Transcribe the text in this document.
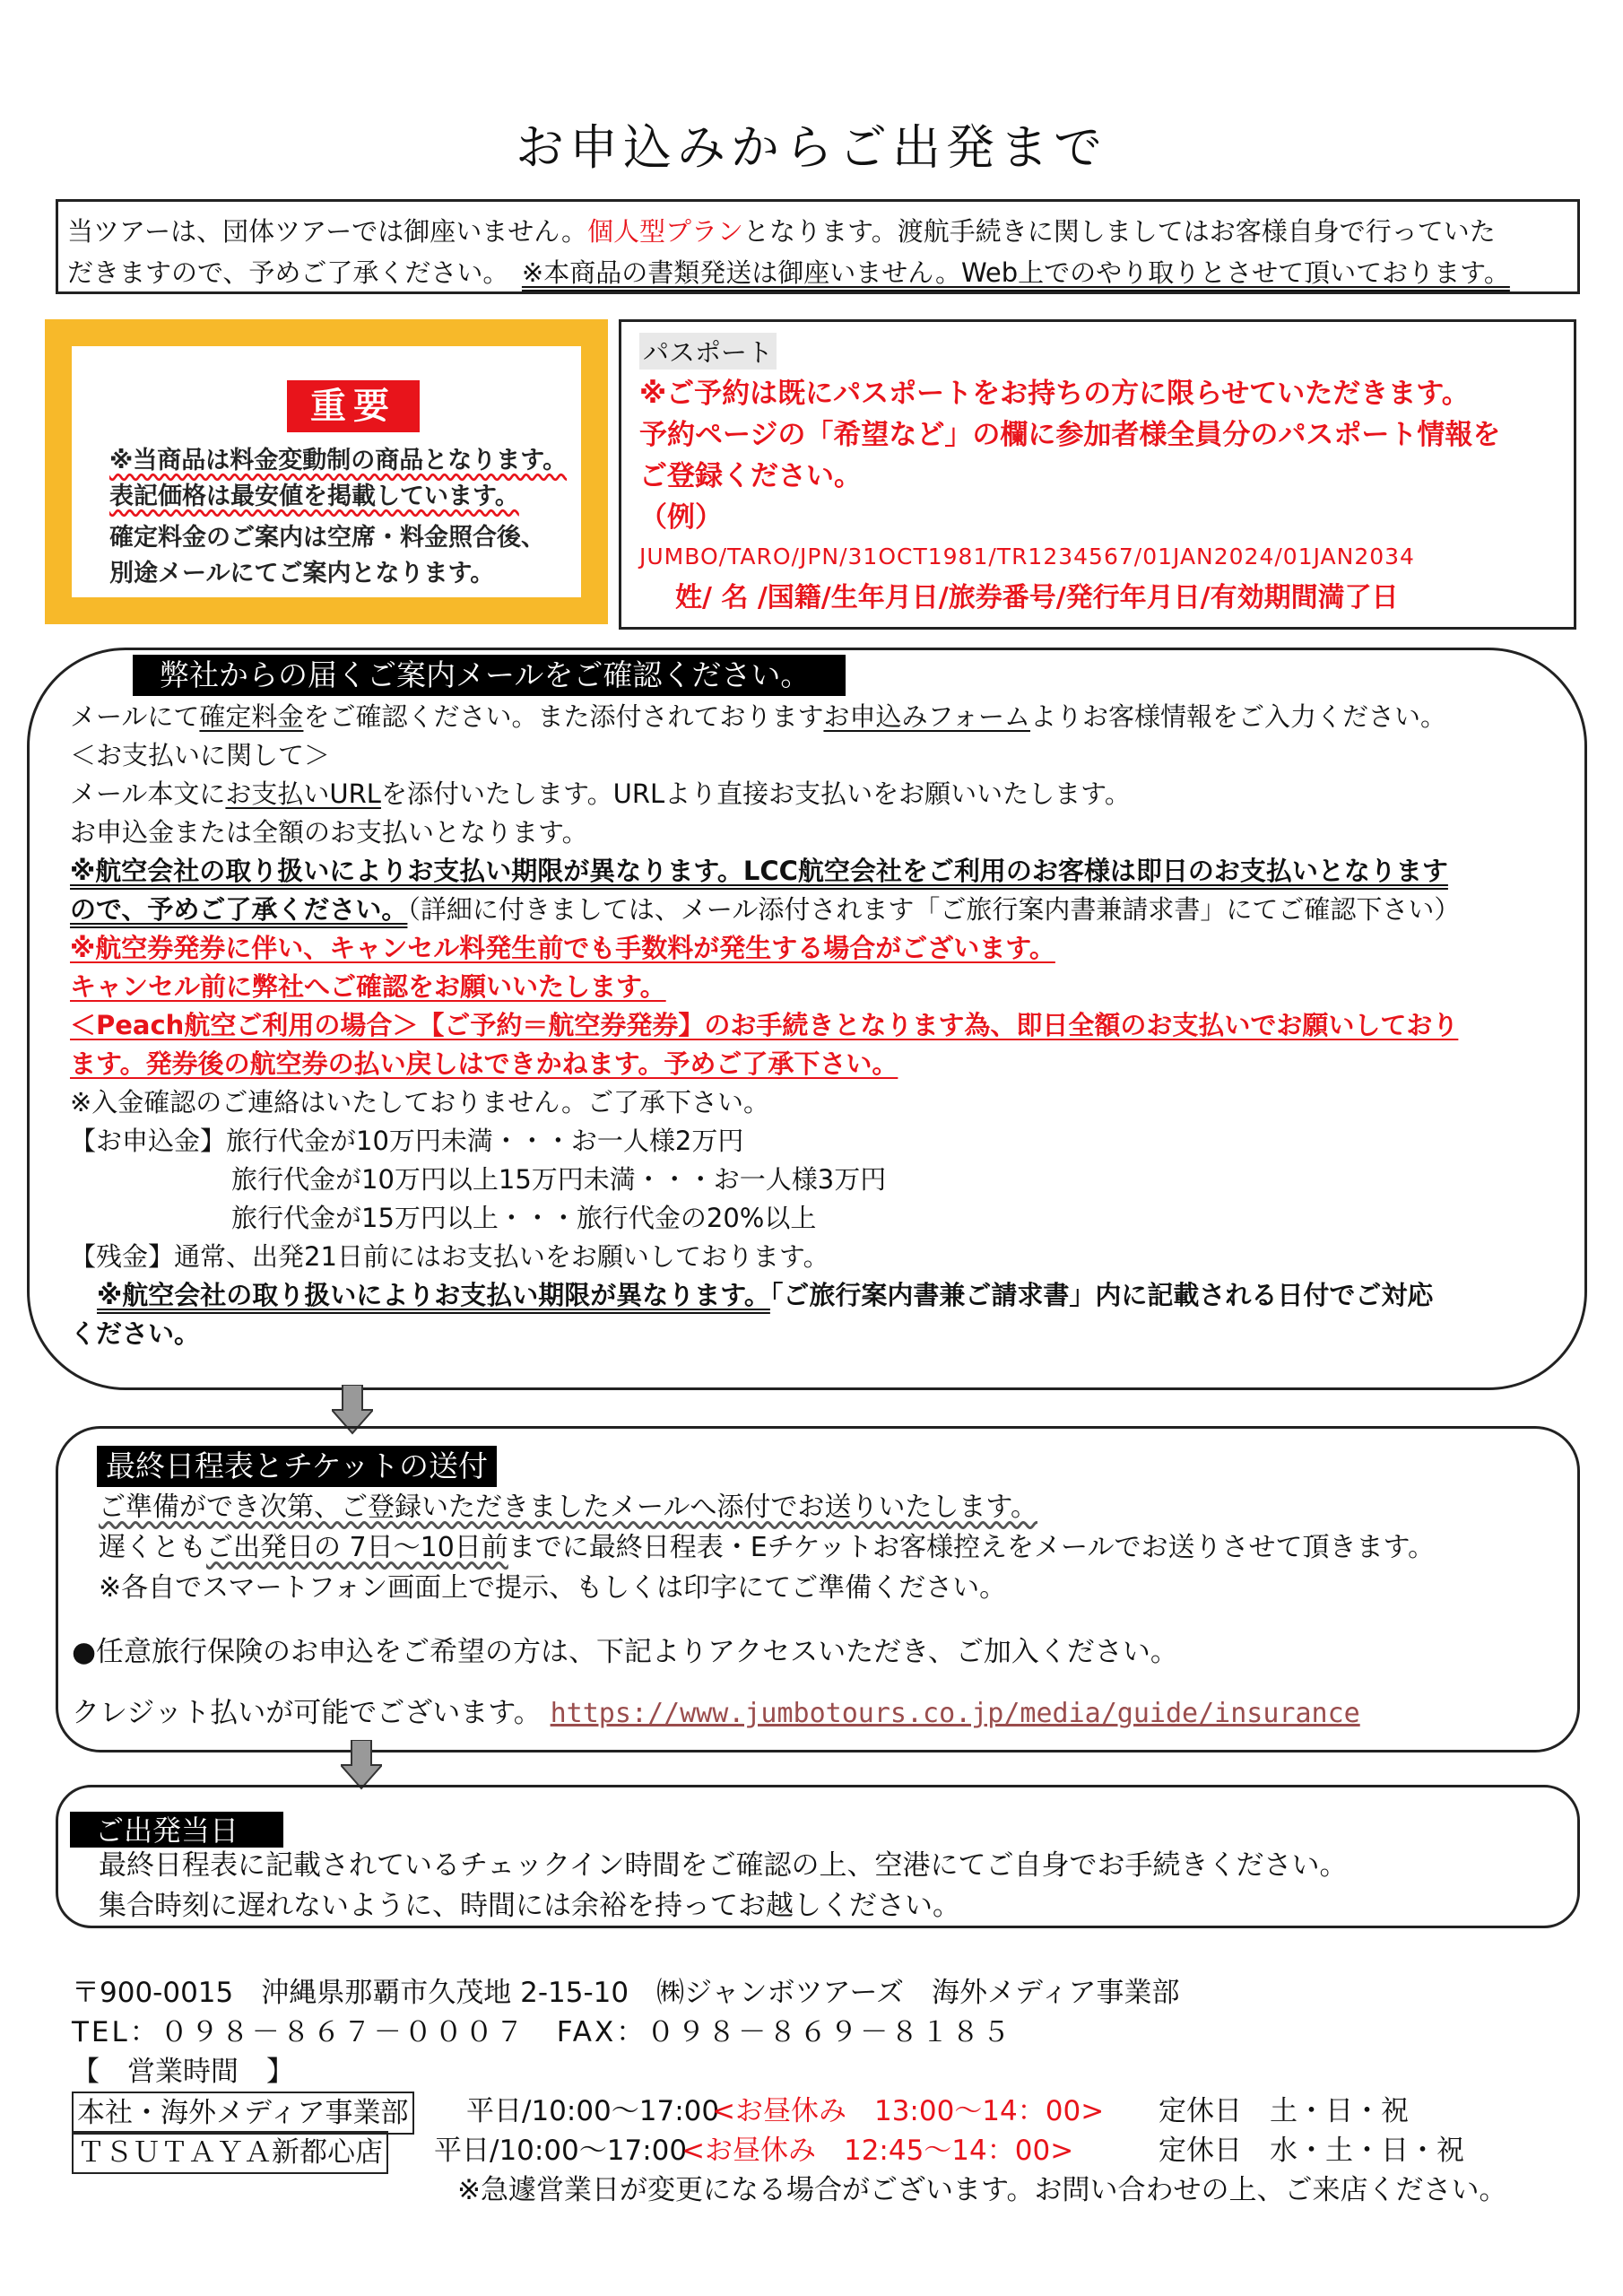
お申込みからご出発まで
当ツアーは、団体ツアーでは御座いません。個人型プランとなります。渡航手続きに関しましてはお客様自身で行っていた
だきますので、予めご了承ください。　※本商品の書類発送は御座いません。Web上でのやり取りとさせて頂いております。
重要
※当商品は料金変動制の商品となります。
表記価格は最安値を掲載しています。
確定料金のご案内は空席・料金照合後、
別途メールにてご案内となります。
パスポート
※ご予約は既にパスポートをお持ちの方に限らせていただきます。
予約ページの「希望など」の欄に参加者様全員分のパスポート情報を
ご登録ください。
（例）
JUMBO/TARO/JPN/31OCT1981/TR1234567/01JAN2024/01JAN2034
姓/ 名 /国籍/生年月日/旅券番号/発行年月日/有効期間満了日
弊社からの届くご案内メールをご確認ください。
メールにて確定料金をご確認ください。また添付されておりますお申込みフォームよりお客様情報をご入力ください。
＜お支払いに関して＞
メール本文にお支払いURLを添付いたします。URLより直接お支払いをお願いいたします。
お申込金または全額のお支払いとなります。
※航空会社の取り扱いによりお支払い期限が異なります。LCC航空会社をご利用のお客様は即日のお支払いとなります
ので、予めご了承ください。（詳細に付きましては、メール添付されます「ご旅行案内書兼請求書」にてご確認下さい）
※航空券発券に伴い、キャンセル料発生前でも手数料が発生する場合がございます。
キャンセル前に弊社へご確認をお願いいたします。
＜Peach航空ご利用の場合＞【ご予約＝航空券発券】のお手続きとなります為、即日全額のお支払いでお願いしており
ます。発券後の航空券の払い戻しはできかねます。予めご了承下さい。
※入金確認のご連絡はいたしておりません。ご了承下さい。
【お申込金】旅行代金が10万円未満・・・お一人様2万円
旅行代金が10万円以上15万円未満・・・お一人様3万円
旅行代金が15万円以上・・・旅行代金の20%以上
【残金】通常、出発21日前にはお支払いをお願いしております。
※航空会社の取り扱いによりお支払い期限が異なります。「ご旅行案内書兼ご請求書」内に記載される日付でご対応
ください。
最終日程表とチケットの送付
ご準備ができ次第、ご登録いただきましたメールへ添付でお送りいたします。
遅くともご出発日の 7日～10日前までに最終日程表・Eチケットお客様控えをメールでお送りさせて頂きます。
※各自でスマートフォン画面上で提示、もしくは印字にてご準備ください。
●任意旅行保険のお申込をご希望の方は、下記よりアクセスいただき、ご加入ください。
クレジット払いが可能でございます。 https://www.jumbotours.co.jp/media/guide/insurance
ご出発当日
最終日程表に記載されているチェックイン時間をご確認の上、空港にてご自身でお手続きください。
集合時刻に遅れないように、時間には余裕を持ってお越しください。
〒900-0015　沖縄県那覇市久茂地 2-15-10　㈱ジャンボツアーズ　海外メディア事業部
TEL：０９８－８６７－０００７　FAX：０９８－８６９－８１８５
【　営業時間　】
本社・海外メディア事業部 平日/10:00～17:00
<お昼休み　13:00～14：00> 定休日　土・日・祝
ＴＳＵＴＡＹＡ新都心店 平日/10:00～17:00
<お昼休み　12:45～14：00>	定休日　水・土・日・祝
※急遽営業日が変更になる場合がございます。お問い合わせの上、ご来店ください。
